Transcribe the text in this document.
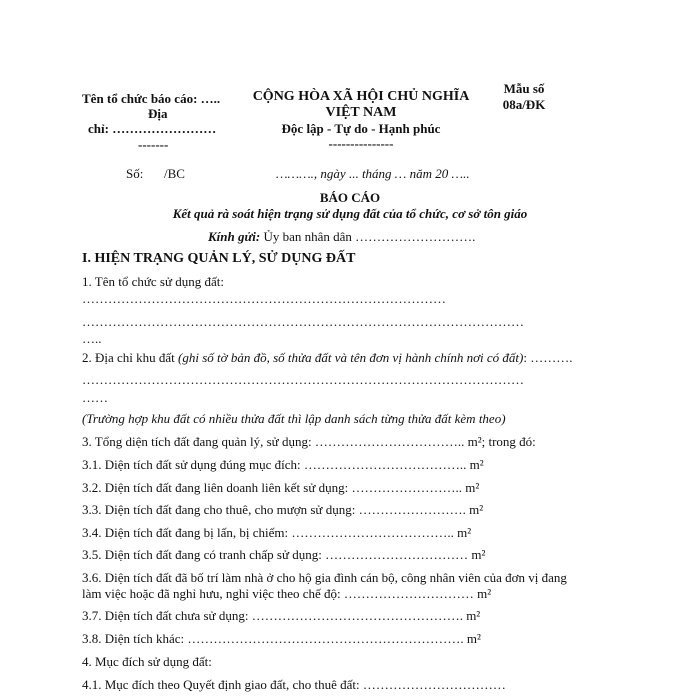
Tên tổ chức báo cáo: …..
Địa
chỉ: ……………………
-------
CỘNG HÒA XÃ HỘI CHỦ NGHĨA
VIỆT NAM
Độc lập - Tự do - Hạnh phúc
---------------
Mẫu số
08a/ĐK
Số: /BC	………., ngày ... tháng … năm 20 …..
BÁO CÁO
Kết quả rà soát hiện trạng sử dụng đất của tổ chức, cơ sở tôn giáo
Kính gửi: Ủy ban nhân dân ……………………….
I. HIỆN TRẠNG QUẢN LÝ, SỬ DỤNG ĐẤT
1. Tên tổ chức sử dụng đất:
…………………………………………………………………………
…………………………………………………………………………………………
…..
2. Địa chỉ khu đất (ghi số tờ bản đồ, số thửa đất và tên đơn vị hành chính nơi có đất): ……….
…………………………………………………………………………………………
……
(Trường hợp khu đất có nhiều thửa đất thì lập danh sách từng thửa đất kèm theo)
3. Tổng diện tích đất đang quản lý, sử dụng: …………………………….. m²; trong đó:
3.1. Diện tích đất sử dụng đúng mục đích: ……………………………….. m²
3.2. Diện tích đất đang liên doanh liên kết sử dụng: …………………….. m²
3.3. Diện tích đất đang cho thuê, cho mượn sử dụng: ……………………. m²
3.4. Diện tích đất đang bị lấn, bị chiếm: ……………………………….. m²
3.5. Diện tích đất đang có tranh chấp sử dụng: …………………………… m²
3.6. Diện tích đất đã bố trí làm nhà ở cho hộ gia đình cán bộ, công nhân viên của đơn vị đang
làm việc hoặc đã nghỉ hưu, nghỉ việc theo chế độ: ………………………… m²
3.7. Diện tích đất chưa sử dụng: …………………………………………. m²
3.8. Diện tích khác: ………………………………………………………. m²
4. Mục đích sử dụng đất:
4.1. Mục đích theo Quyết định giao đất, cho thuê đất: ……………………………
